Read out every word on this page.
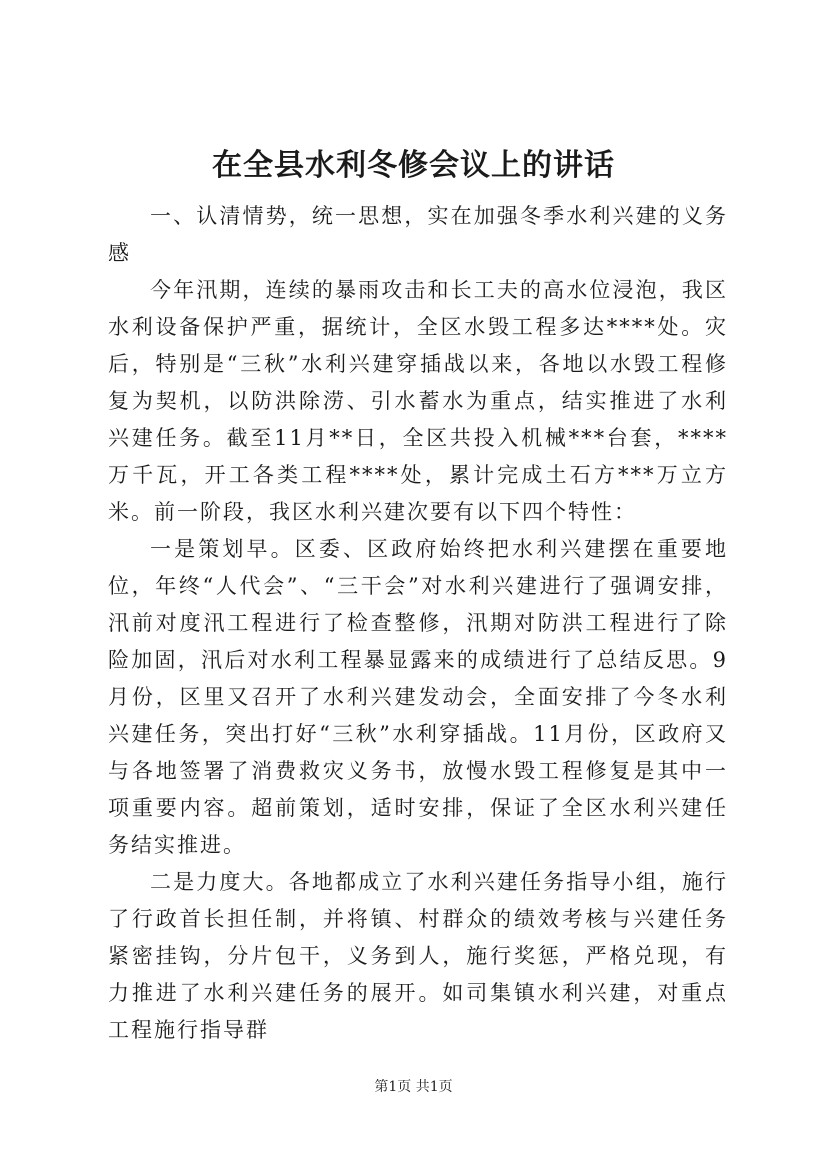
在全县水利冬修会议上的讲话

一、认清情势，统一思想，实在加强冬季水利兴建的义务感

今年汛期，连续的暴雨攻击和长工夫的高水位浸泡，我区水利设备保护严重，据统计，全区水毁工程多达****处。灾后，特别是“三秋”水利兴建穿插战以来，各地以水毁工程修复为契机，以防洪除涝、引水蓄水为重点，结实推进了水利兴建任务。截至11月**日，全区共投入机械***台套，****万千瓦，开工各类工程****处，累计完成土石方***万立方米。前一阶段，我区水利兴建次要有以下四个特性：

一是策划早。区委、区政府始终把水利兴建摆在重要地位，年终“人代会”、“三干会”对水利兴建进行了强调安排，汛前对度汛工程进行了检查整修，汛期对防洪工程进行了除险加固，汛后对水利工程暴显露来的成绩进行了总结反思。9月份，区里又召开了水利兴建发动会，全面安排了今冬水利兴建任务，突出打好“三秋”水利穿插战。11月份，区政府又与各地签署了消费救灾义务书，放慢水毁工程修复是其中一项重要内容。超前策划，适时安排，保证了全区水利兴建任务结实推进。

二是力度大。各地都成立了水利兴建任务指导小组，施行了行政首长担任制，并将镇、村群众的绩效考核与兴建任务紧密挂钩，分片包干，义务到人，施行奖惩，严格兑现，有力推进了水利兴建任务的展开。如司集镇水利兴建，对重点工程施行指导群

第1页 共1页
